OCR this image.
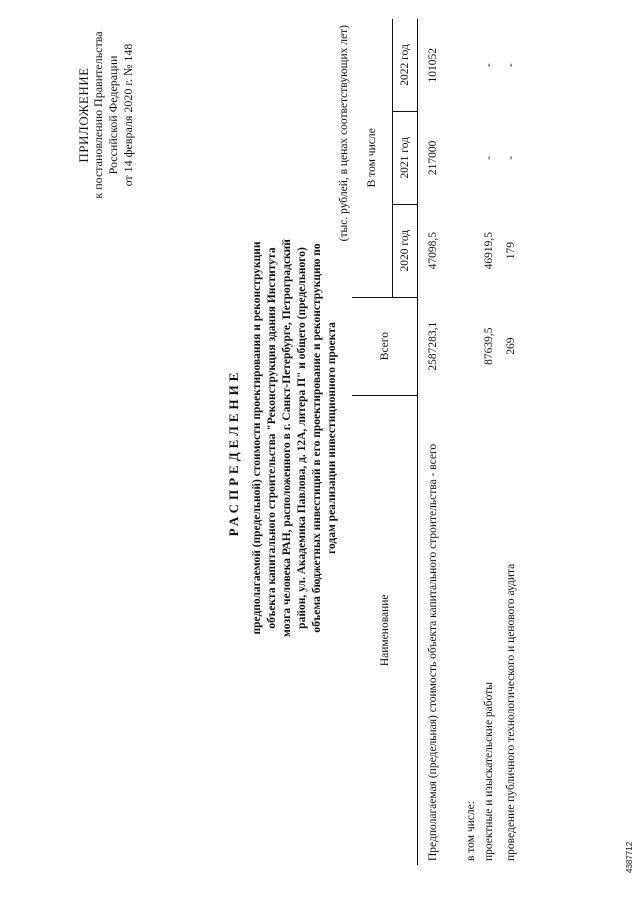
ПРИЛОЖЕНИЕ к постановлению Правительства Российской Федерации от 14 февраля 2020 г. № 148
РАСПРЕДЕЛЕНИЕ предполагаемой (предельной) стоимости проектирования и реконструкции объекта капитального строительства "Реконструкция здания Института мозга человека РАН, расположенного в г. Санкт-Петербурге, Петроградский район, ул. Академика Павлова, д. 12А, литера П" и общего (предельного) объема бюджетных инвестиций в его проектирование и реконструкцию по годам реализации инвестиционного проекта
(тыс. рублей, в ценах соответствующих лет)
Наименование	Всего	В том числе		
		2020 год	2021 год	2022 год
Предполагаемая (предельная) стоимость объекта капитального строительства - всего	2587283,1	47098,5	217000	101052
в том числе:				
проектные и изыскательские работы	87639,5	46919,5	-	-
проведение публичного технологического и ценового аудита	269	179	-	-
4387712
